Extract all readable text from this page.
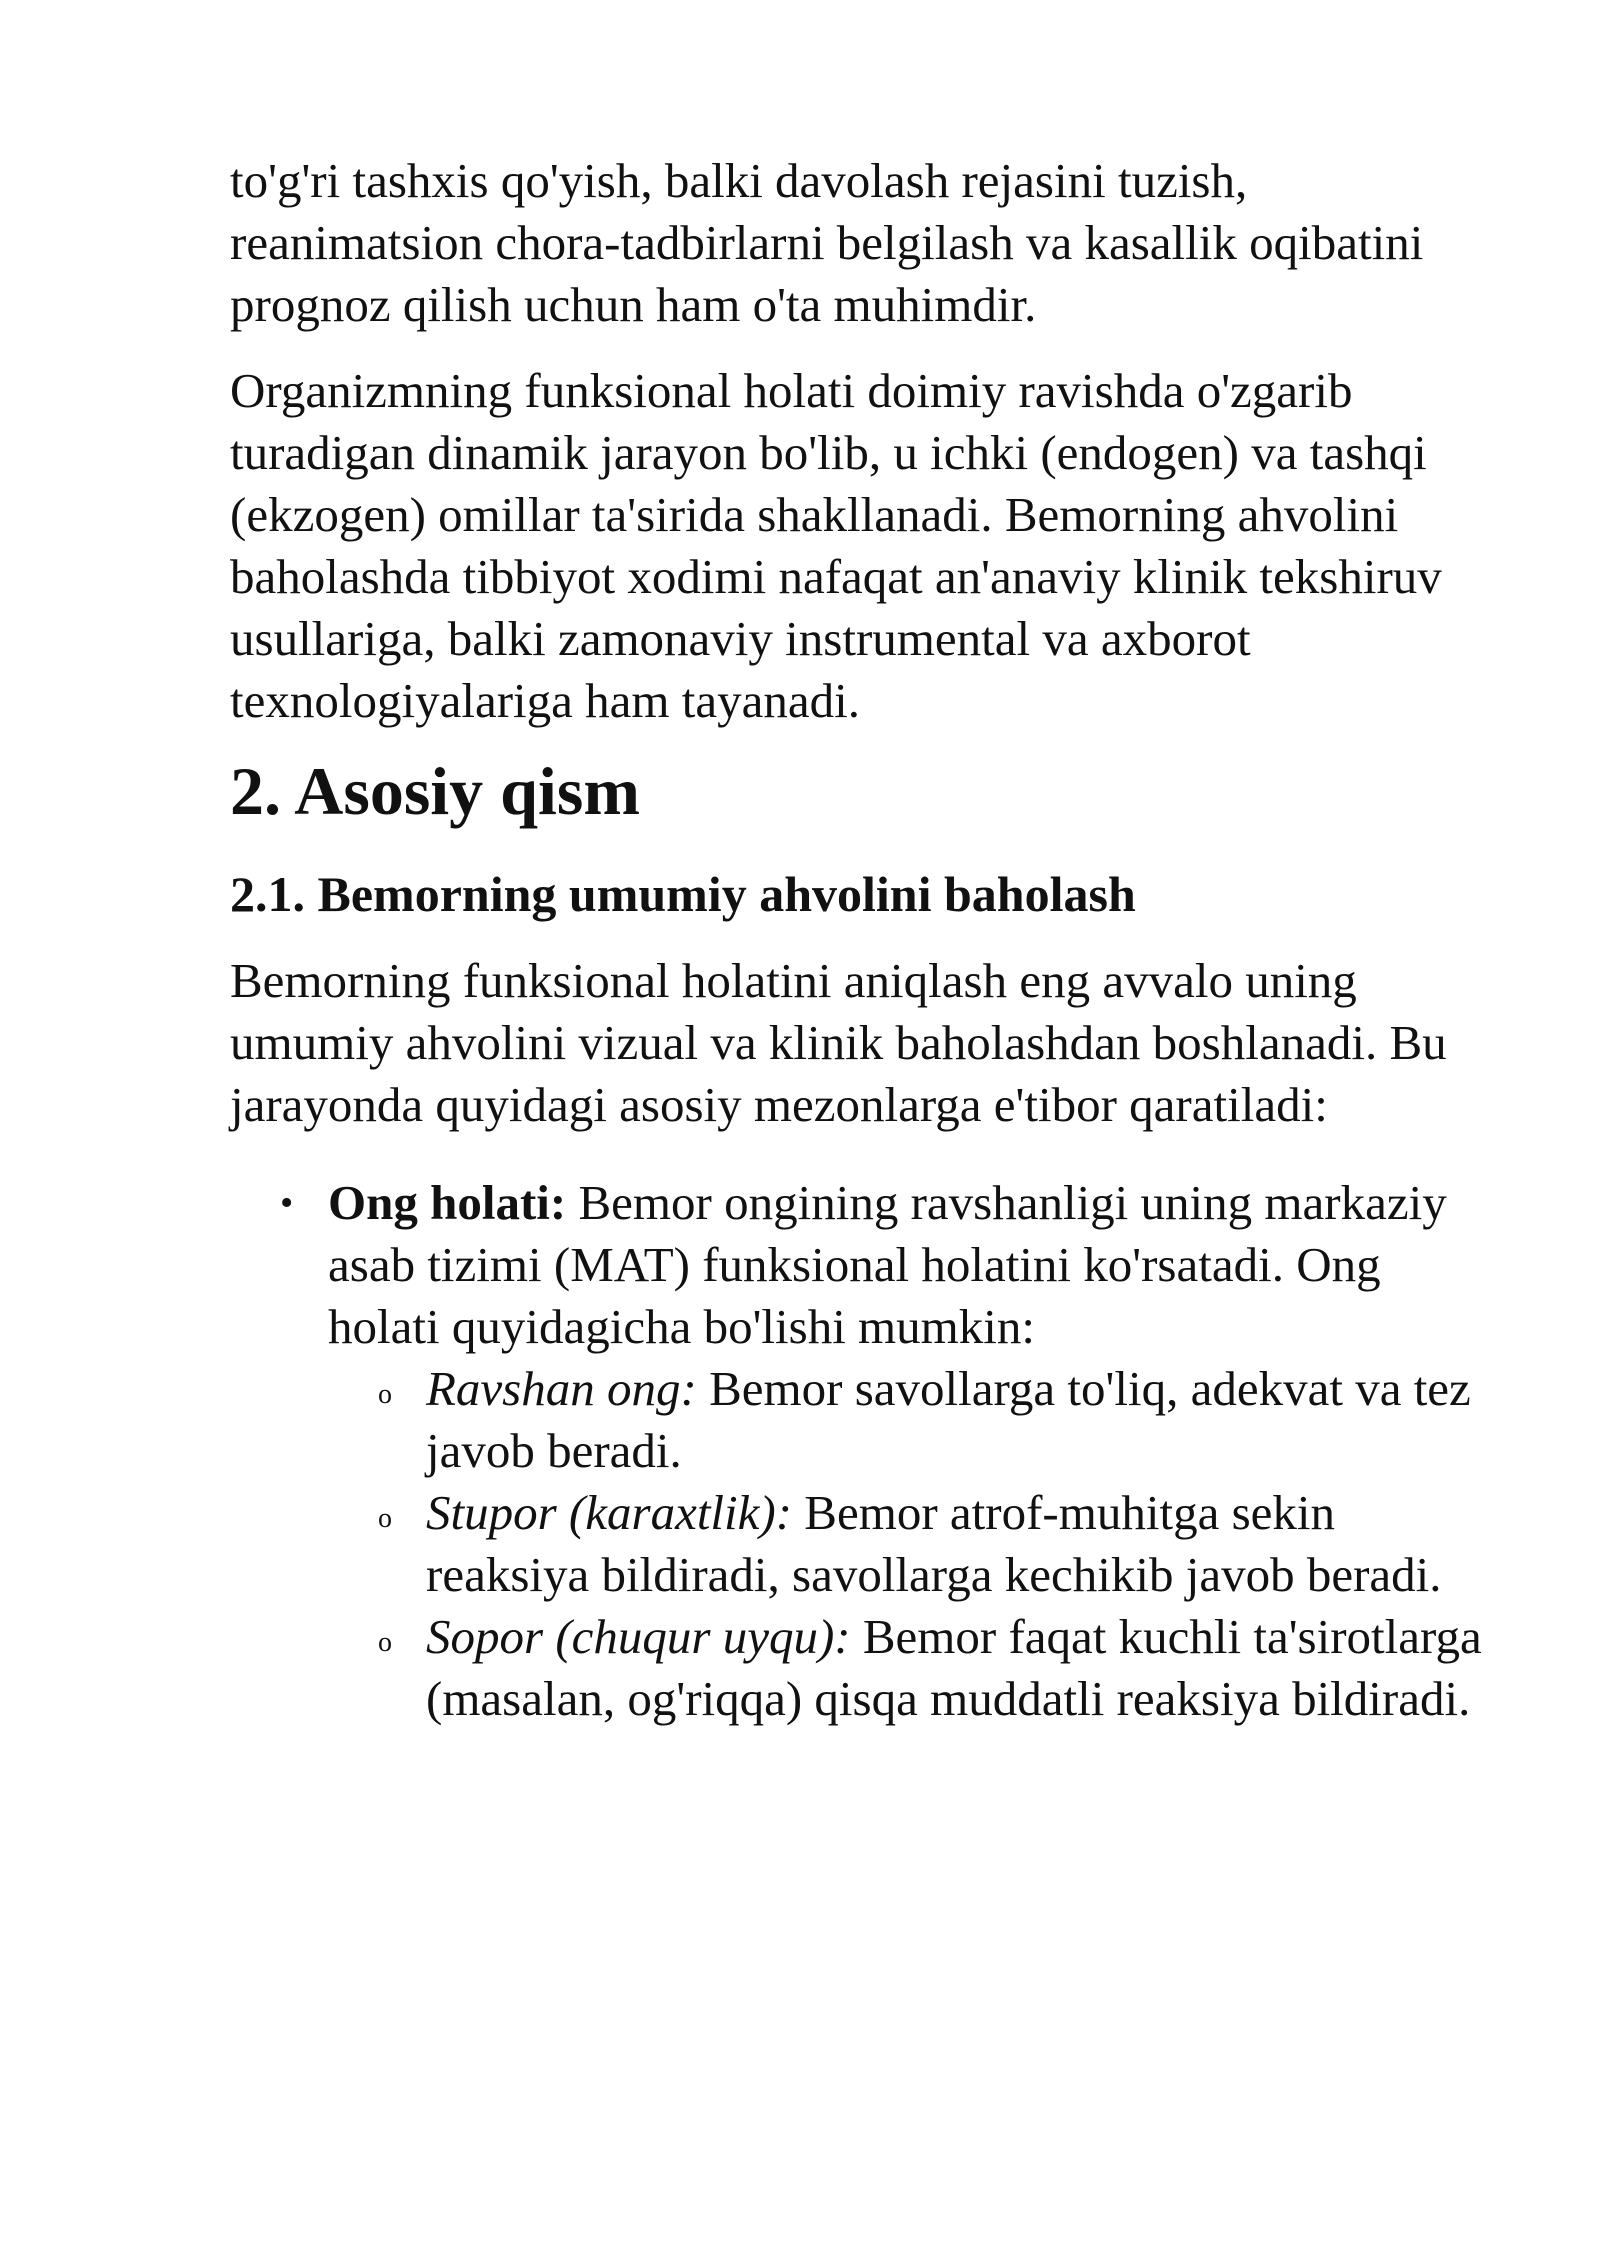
to'g'ri tashxis qo'yish, balki davolash rejasini tuzish, reanimatsion chora-tadbirlarni belgilash va kasallik oqibatini prognoz qilish uchun ham o'ta muhimdir.

Organizmning funksional holati doimiy ravishda o'zgarib turadigan dinamik jarayon bo'lib, u ichki (endogen) va tashqi (ekzogen) omillar ta'sirida shakllanadi. Bemorning ahvolini baholashda tibbiyot xodimi nafaqat an'anaviy klinik tekshiruv usullariga, balki zamonaviy instrumental va axborot texnologiyalariga ham tayanadi.

2. Asosiy qism
2.1. Bemorning umumiy ahvolini baholash

Bemorning funksional holatini aniqlash eng avvalo uning umumiy ahvolini vizual va klinik baholashdan boshlanadi. Bu jarayonda quyidagi asosiy mezonlarga e'tibor qaratiladi:

• Ong holati: Bemor ongining ravshanligi uning markaziy asab tizimi (MAT) funksional holatini ko'rsatadi. Ong holati quyidagicha bo'lishi mumkin:
o Ravshan ong: Bemor savollarga to'liq, adekvat va tez javob beradi.
o Stupor (karaxtlik): Bemor atrof-muhitga sekin reaksiya bildiradi, savollarga kechikib javob beradi.
o Sopor (chuqur uyqu): Bemor faqat kuchli ta'sirotlarga (masalan, og'riqqa) qisqa muddatli reaksiya bildiradi.
